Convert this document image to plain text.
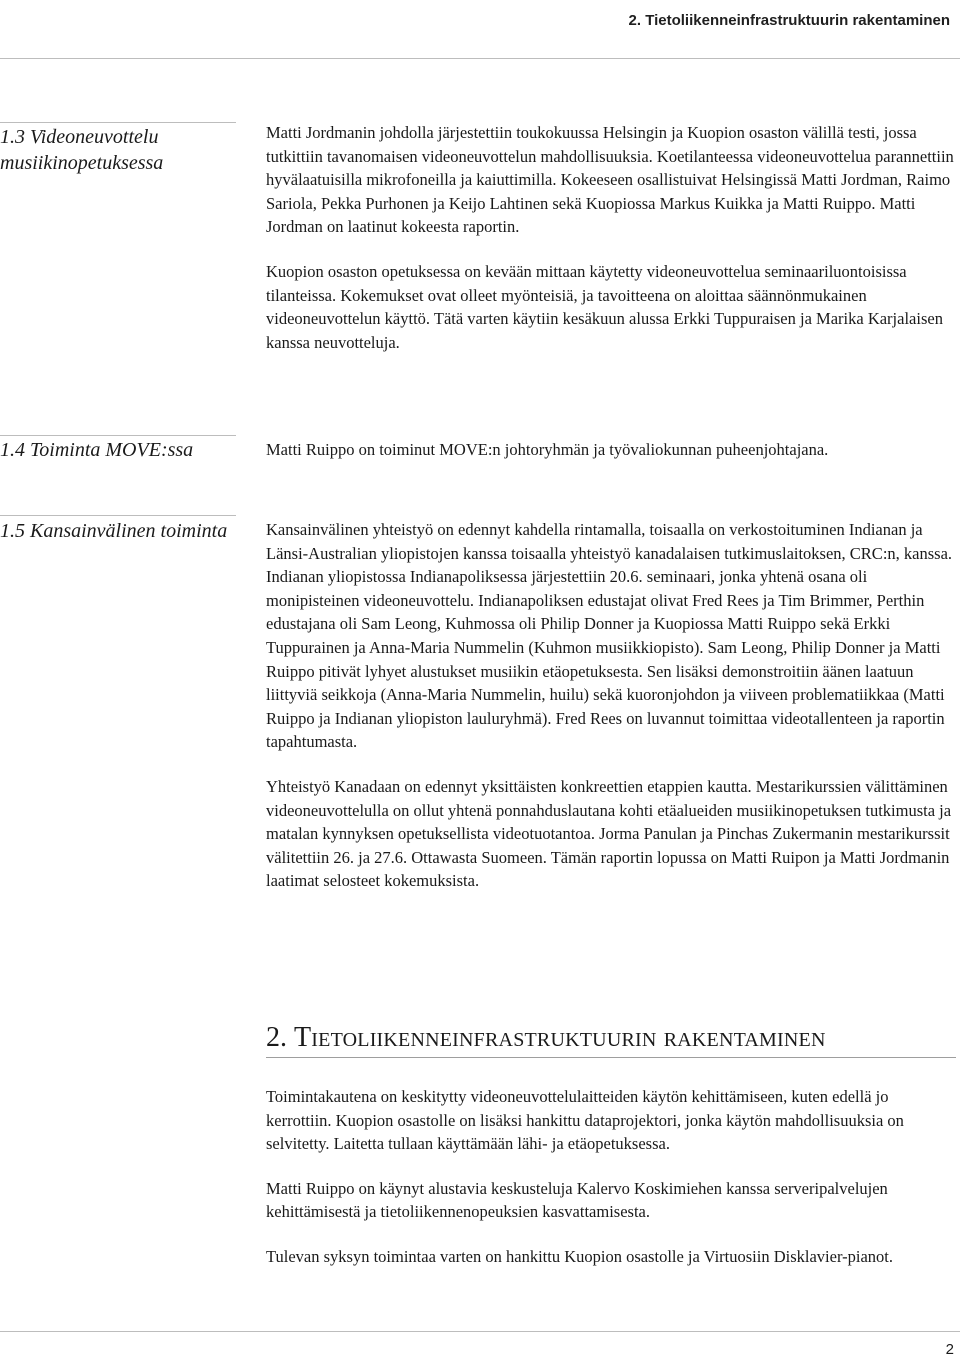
2. Tietoliikenneinfrastruktuurin rakentaminen
1.3 Videoneuvottelu musiikinopetuksessa

Matti Jordmanin johdolla järjestettiin toukokuussa Helsingin ja Kuopion osaston välillä testi, jossa tutkittiin tavanomaisen videoneuvottelun mahdollisuuksia. Koetilanteessa videoneuvottelua parannettiin hyvälaatuisilla mikrofoneilla ja kaiuttimilla. Kokeeseen osallistuivat Helsingissä Matti Jordman, Raimo Sariola, Pekka Purhonen ja Keijo Lahtinen sekä Kuopiossa Markus Kuikka ja Matti Ruippo. Matti Jordman on laatinut kokeesta raportin.

Kuopion osaston opetuksessa on kevään mittaan käytetty videoneuvottelua seminaariluontoisissa tilanteissa. Kokemukset ovat olleet myönteisiä, ja tavoitteena on aloittaa säännönmukainen videoneuvottelun käyttö. Tätä varten käytiin kesäkuun alussa Erkki Tuppuraisen ja Marika Karjalaisen kanssa neuvotteluja.

1.4 Toiminta MOVE:ssa	Matti Ruippo on toiminut MOVE:n johtoryhmän ja työvaliokunnan puheenjohtajana.

1.5 Kansainvälinen toiminta Kansainvälinen yhteistyö on edennyt kahdella rintamalla, toisaalla on verkostoituminen Indianan ja Länsi-Australian yliopistojen kanssa toisaalla yhteistyö kanadalaisen tutkimuslaitoksen, CRC:n, kanssa. Indianan yliopistossa Indianapoliksessa järjestettiin 20.6. seminaari, jonka yhtenä osana oli monipisteinen videoneuvottelu. Indianapoliksen edustajat olivat Fred Rees ja Tim Brimmer, Perthin edustajana oli Sam Leong, Kuhmossa oli Philip Donner ja Kuopiossa Matti Ruippo sekä Erkki Tuppurainen ja Anna-Maria Nummelin (Kuhmon musiikkiopisto). Sam Leong, Philip Donner ja Matti Ruippo pitivät lyhyet alustukset musiikin etäopetuksesta. Sen lisäksi demonstroitiin äänen laatuun liittyviä seikkoja (Anna-Maria Nummelin, huilu) sekä kuoronjohdon ja viiveen problematiikkaa (Matti Ruippo ja Indianan yliopiston lauluryhmä). Fred Rees on luvannut toimittaa videotallenteen ja raportin tapahtumasta.

Yhteistyö Kanadaan on edennyt yksittäisten konkreettien etappien kautta. Mestarikurssien välittäminen videoneuvottelulla on ollut yhtenä ponnahduslautana kohti etäalueiden musiikinopetuksen tutkimusta ja matalan kynnyksen opetuksellista videotuotantoa. Jorma Panulan ja Pinchas Zukermanin mestarikurssit välitettiin 26. ja 27.6. Ottawasta Suomeen. Tämän raportin lopussa on Matti Ruipon ja Matti Jordmanin laatimat selosteet kokemuksista.

2. Tietoliikenneinfrastruktuurin rakentaminen

Toimintakautena on keskitytty videoneuvottelulaitteiden käytön kehittämiseen, kuten edellä jo kerrottiin. Kuopion osastolle on lisäksi hankittu dataprojektori, jonka käytön mahdollisuuksia on selvitetty. Laitetta tullaan käyttämään lähi- ja etäopetuksessa.

Matti Ruippo on käynyt alustavia keskusteluja Kalervo Koskimiehen kanssa serveripalvelujen kehittämisestä ja tietoliikennenopeuksien kasvattamisesta.

Tulevan syksyn toimintaa varten on hankittu Kuopion osastolle ja Virtuosiin Disklavier-pianot.

2
